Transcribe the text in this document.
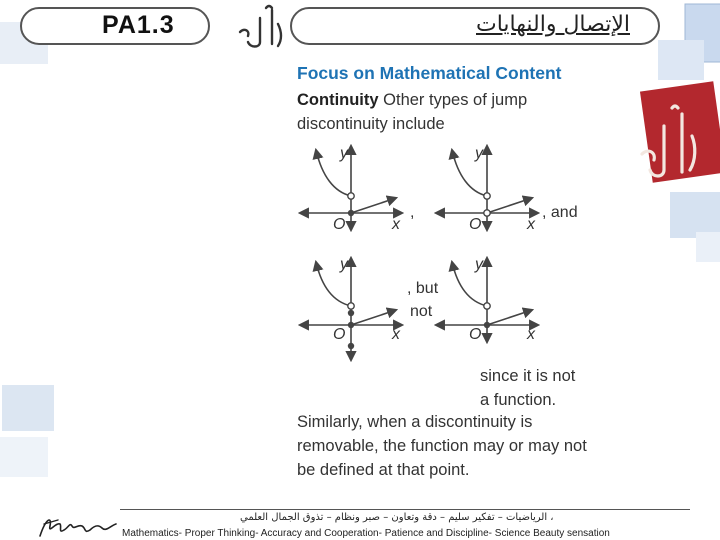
PA1.3	الإتصال والنهايات
Focus on Mathematical Content
Continuity Other types of jump
discontinuity include
y
x
O
,
y
x
O
, and
y
x
O
, but
not
y
x
O
since it is not
a function.
Similarly, when a discontinuity is
removable, the function may or may not
be defined at that point.
، الرياضيات – تفكير سليم – دقة وتعاون – صبر ونظام – تذوق الجمال العلمي
Mathematics- Proper Thinking- Accuracy and Cooperation- Patience and Discipline- Science Beauty sensation
